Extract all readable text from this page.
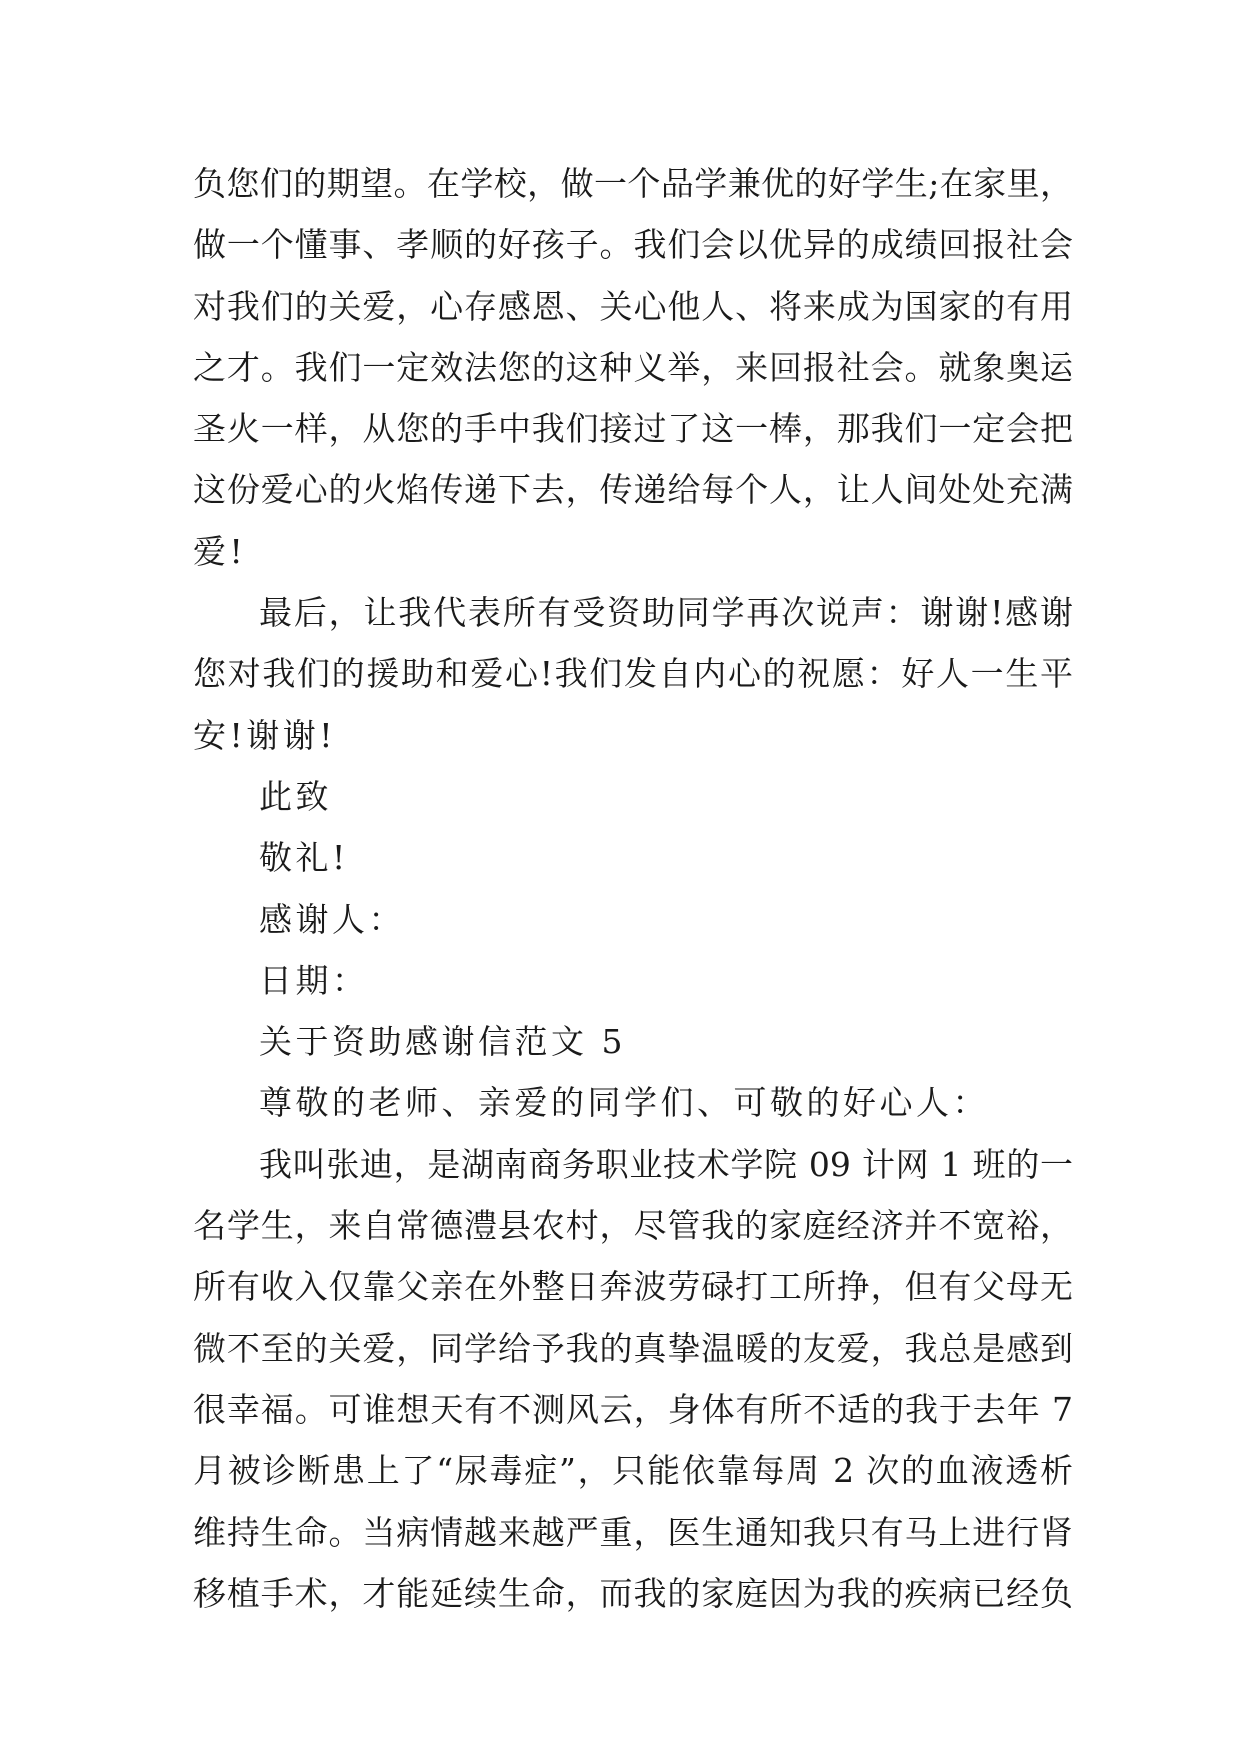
负您们的期望。在学校，做一个品学兼优的好学生;在家里，
做一个懂事、孝顺的好孩子。我们会以优异的成绩回报社会
对我们的关爱，心存感恩、关心他人、将来成为国家的有用
之才。我们一定效法您的这种义举，来回报社会。就象奥运
圣火一样，从您的手中我们接过了这一棒，那我们一定会把
这份爱心的火焰传递下去，传递给每个人，让人间处处充满
爱!
最后，让我代表所有受资助同学再次说声：谢谢!感谢
您对我们的援助和爱心!我们发自内心的祝愿：好人一生平
安!谢谢!
此致
敬礼!
感谢人：
日期：
关于资助感谢信范文 5
尊敬的老师、亲爱的同学们、可敬的好心人：
我叫张迪，是湖南商务职业技术学院 09 计网 1 班的一
名学生，来自常德澧县农村，尽管我的家庭经济并不宽裕，
所有收入仅靠父亲在外整日奔波劳碌打工所挣，但有父母无
微不至的关爱，同学给予我的真挚温暖的友爱，我总是感到
很幸福。可谁想天有不测风云，身体有所不适的我于去年 7
月被诊断患上了“尿毒症”，只能依靠每周 2 次的血液透析
维持生命。当病情越来越严重，医生通知我只有马上进行肾
移植手术，才能延续生命，而我的家庭因为我的疾病已经负
